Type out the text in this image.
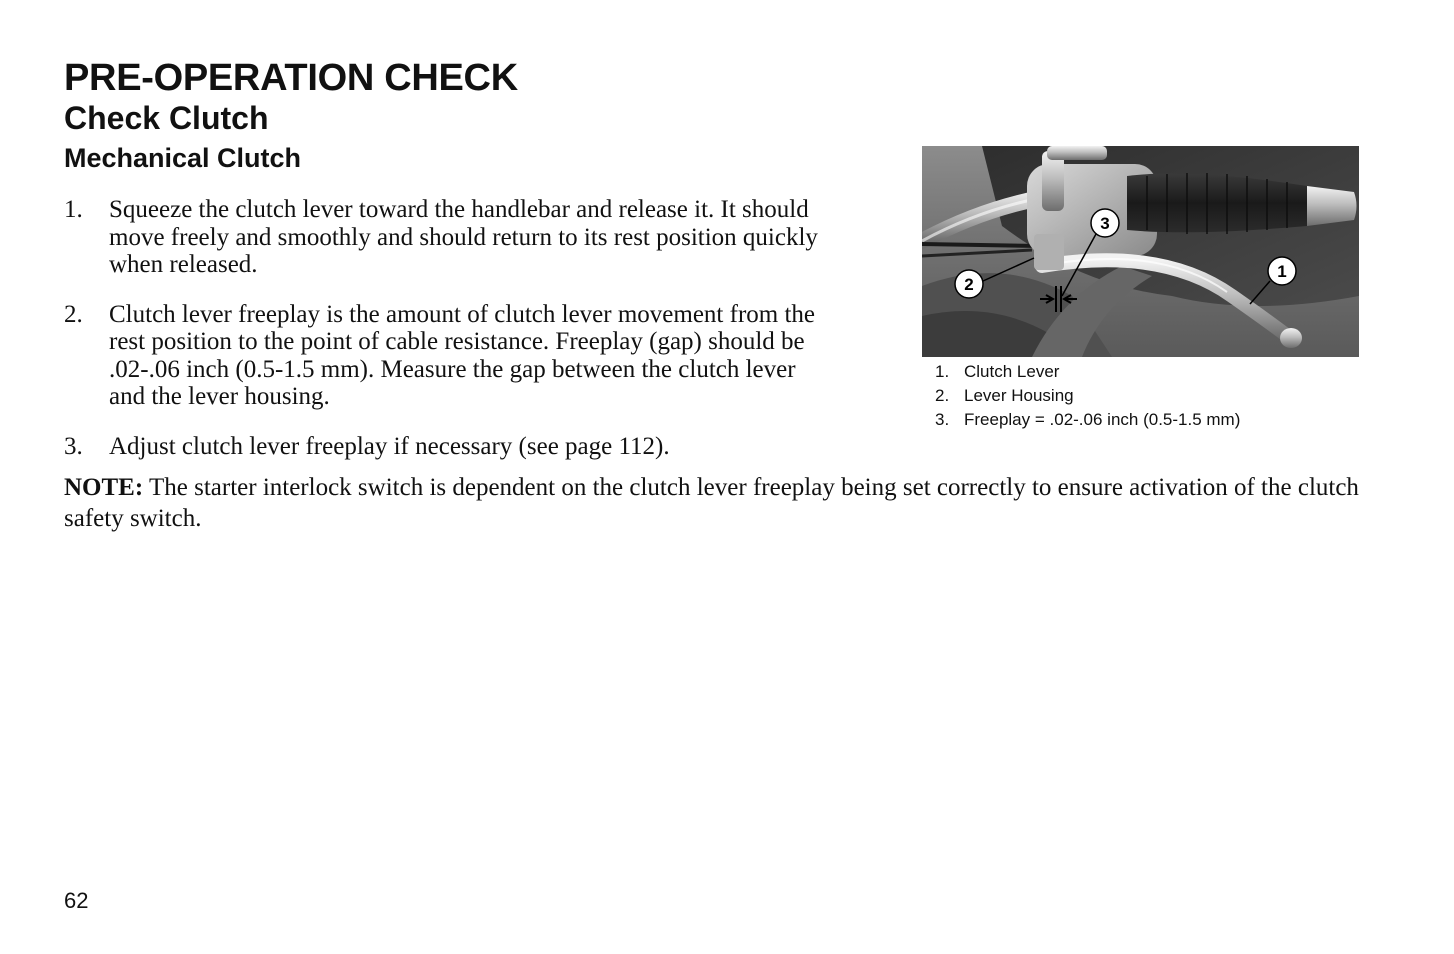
PRE-OPERATION CHECK
Check Clutch
Mechanical Clutch
1. Squeeze the clutch lever toward the handlebar and release it. It should move freely and smoothly and should return to its rest position quickly when released.
2. Clutch lever freeplay is the amount of clutch lever movement from the rest position to the point of cable resistance. Freeplay (gap) should be .02-.06 inch (0.5-1.5 mm). Measure the gap between the clutch lever and the lever housing.
3. Adjust clutch lever freeplay if necessary (see page 112).

NOTE: The starter interlock switch is dependent on the clutch lever freeplay being set correctly to ensure activation of the clutch safety switch.

3
2
1
1. Clutch Lever
2. Lever Housing
3. Freeplay = .02-.06 inch (0.5-1.5 mm)
62
